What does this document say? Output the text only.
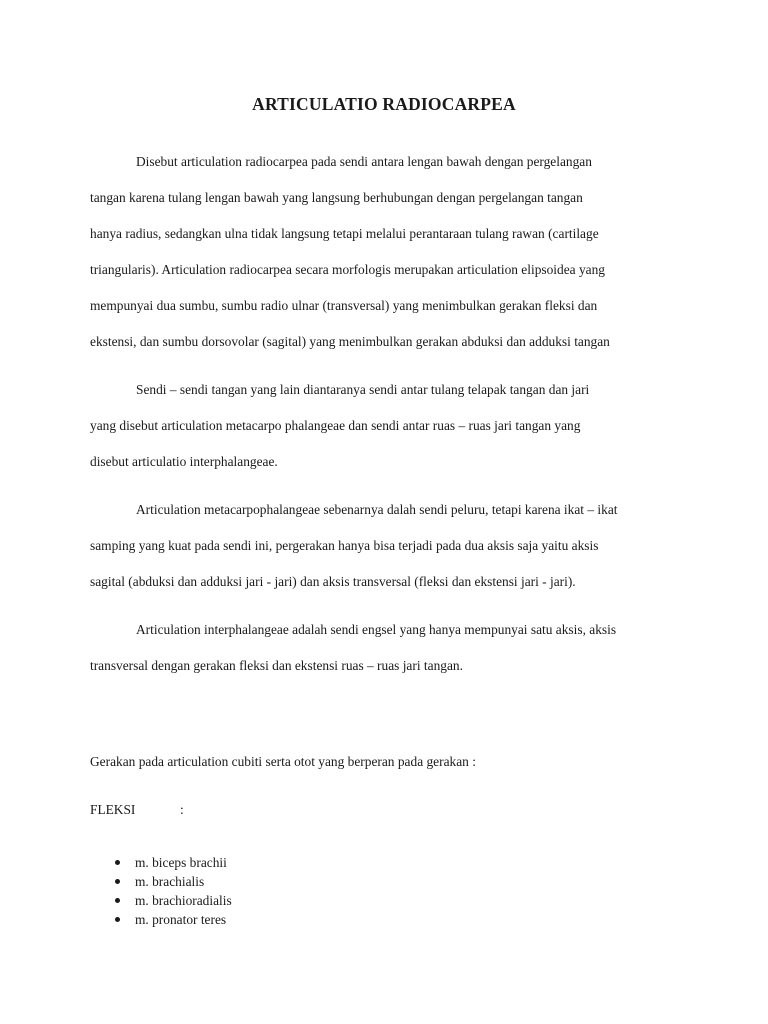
ARTICULATIO RADIOCARPEA
Disebut articulation radiocarpea pada sendi antara lengan bawah dengan pergelangan
tangan karena tulang lengan bawah yang langsung berhubungan dengan pergelangan tangan
hanya radius, sedangkan ulna tidak langsung tetapi melalui perantaraan tulang rawan (cartilage
triangularis). Articulation radiocarpea secara morfologis merupakan articulation elipsoidea yang
mempunyai dua sumbu, sumbu radio ulnar (transversal) yang menimbulkan gerakan fleksi dan
ekstensi, dan sumbu dorsovolar (sagital) yang menimbulkan gerakan abduksi dan adduksi tangan
Sendi – sendi tangan yang lain diantaranya sendi antar tulang telapak tangan dan jari
yang disebut articulation metacarpo phalangeae dan sendi antar ruas – ruas jari tangan yang
disebut articulatio interphalangeae.
Articulation metacarpophalangeae sebenarnya dalah sendi peluru, tetapi karena ikat – ikat
samping yang kuat pada sendi ini, pergerakan hanya bisa terjadi pada dua aksis saja yaitu aksis
sagital (abduksi dan adduksi jari - jari) dan aksis transversal (fleksi dan ekstensi jari - jari).
Articulation interphalangeae adalah sendi engsel yang hanya mempunyai satu aksis, aksis
transversal dengan gerakan fleksi dan ekstensi ruas – ruas jari tangan.
Gerakan pada articulation cubiti serta otot yang berperan pada gerakan :
FLEKSI	:
m. biceps brachii
m. brachialis
m. brachioradialis
m. pronator teres
